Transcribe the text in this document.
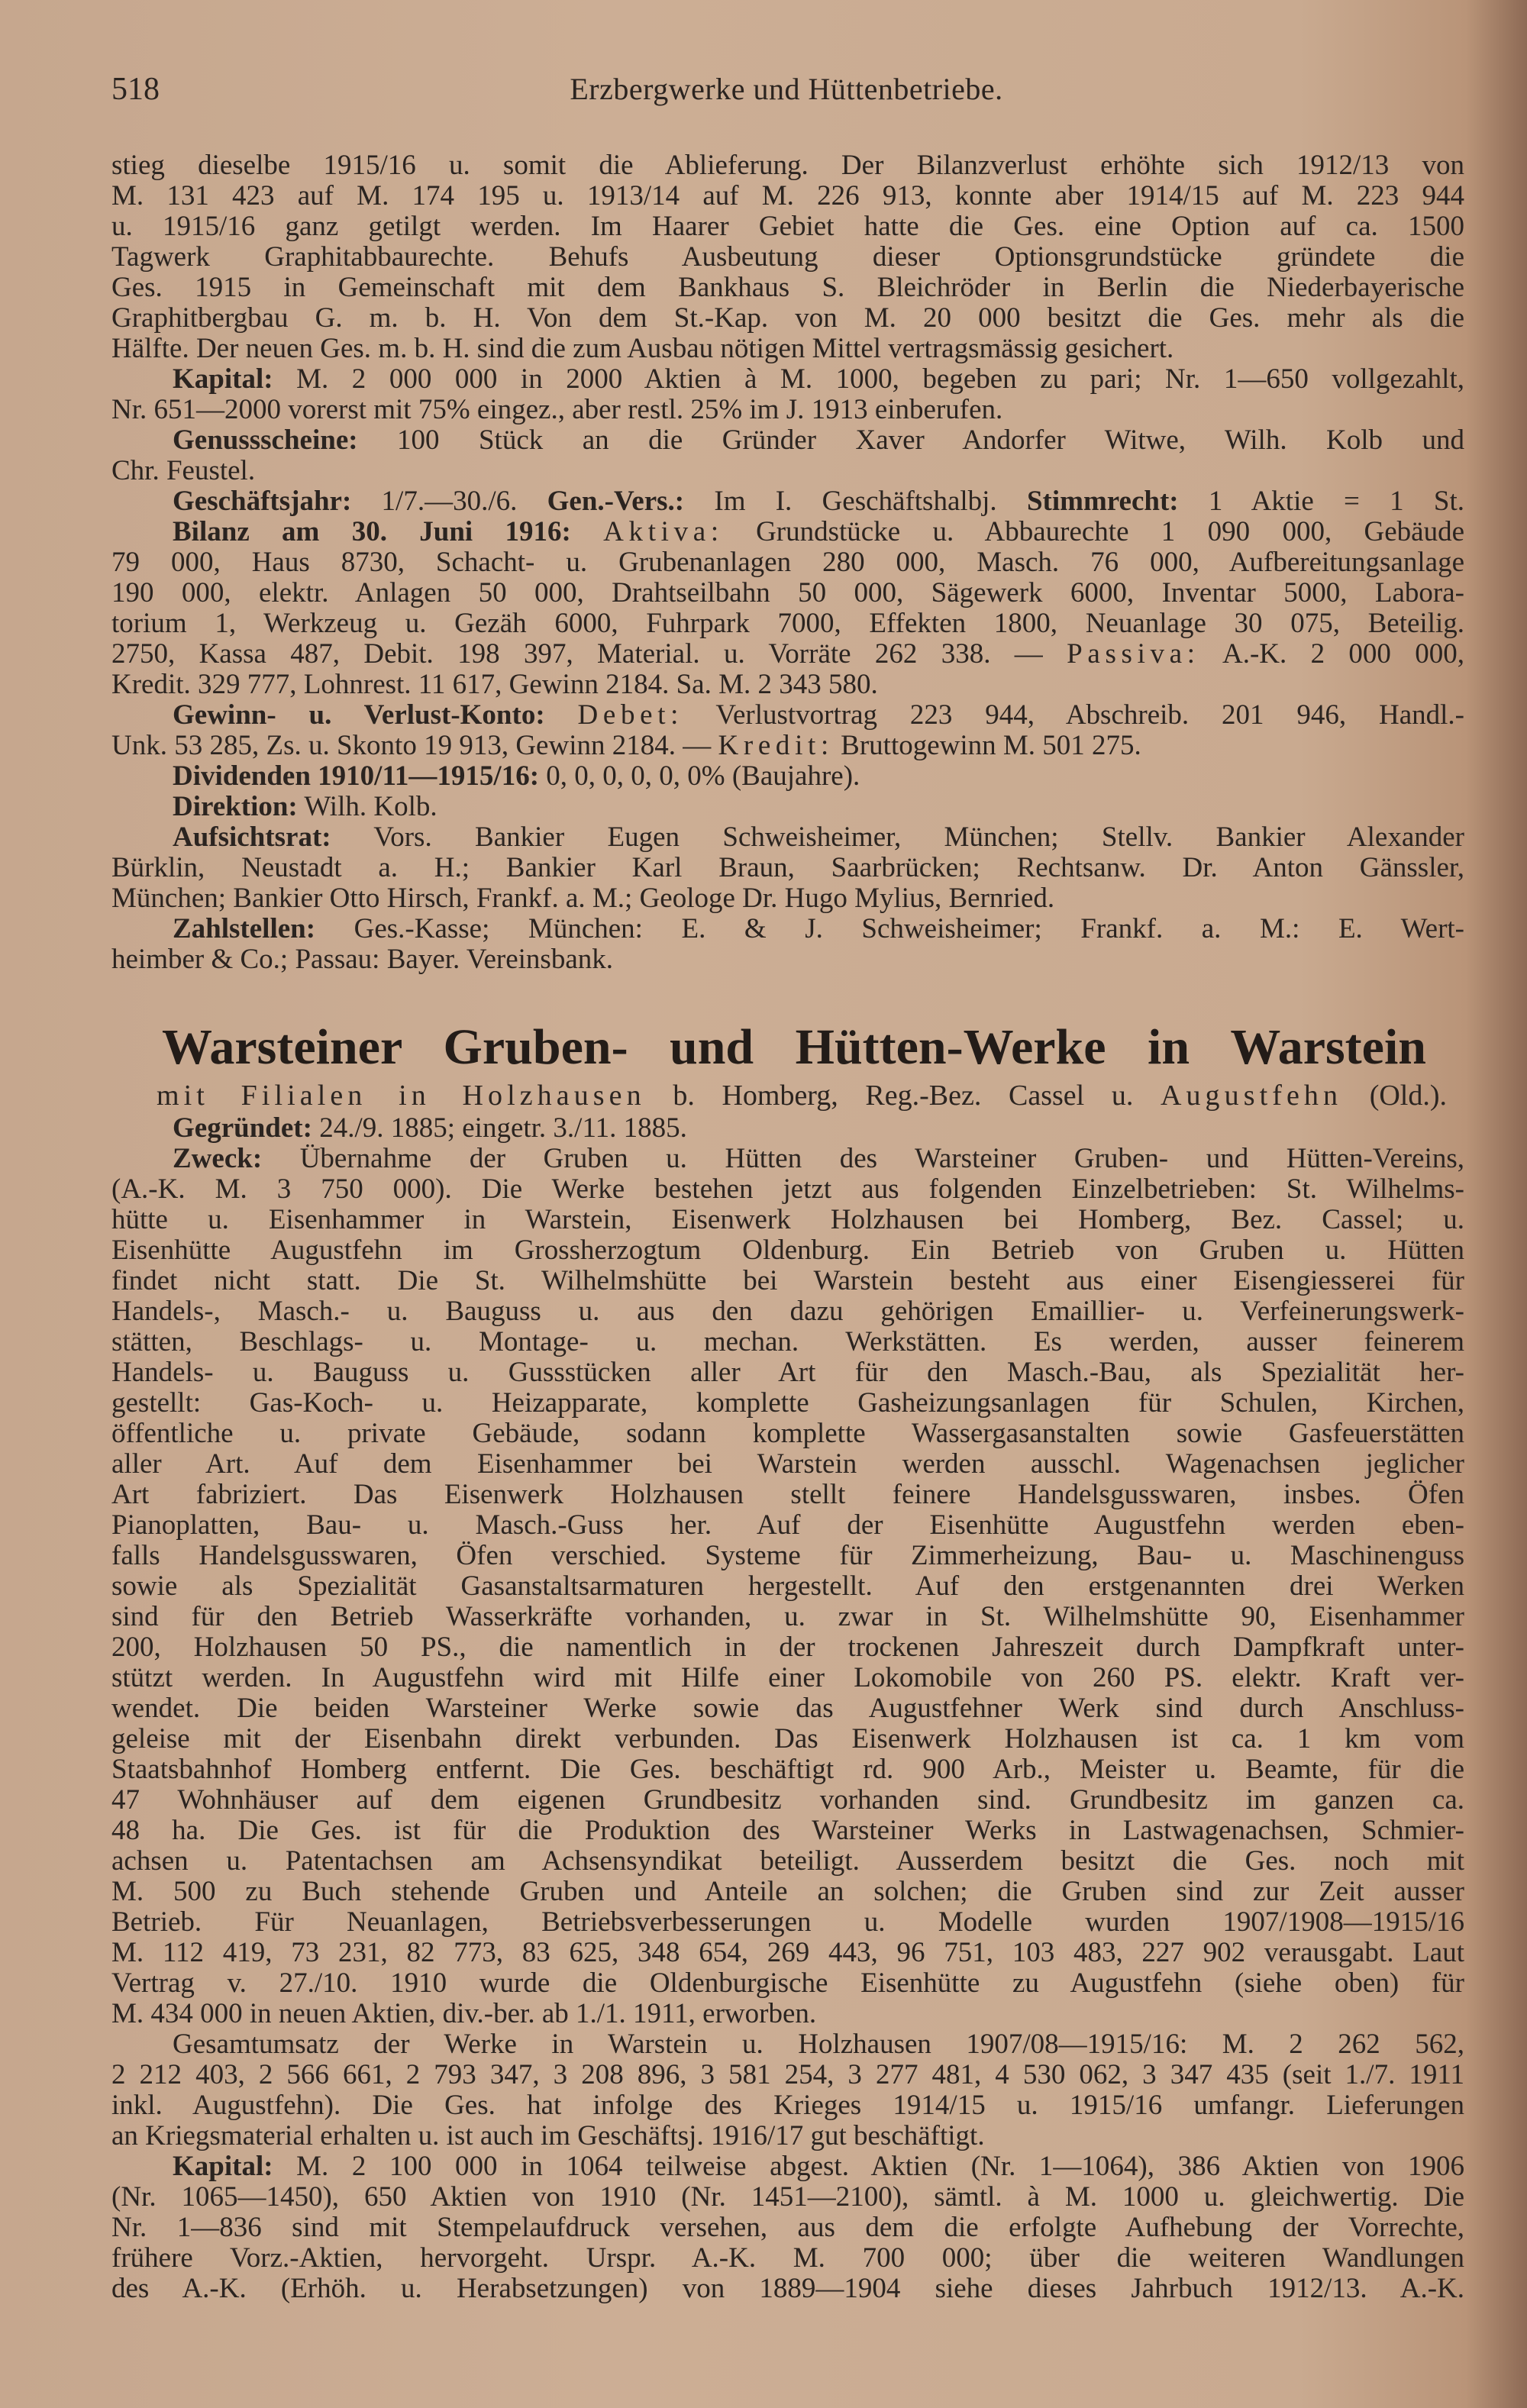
518	Erzbergwerke und Hüttenbetriebe.
stieg dieselbe 1915/16 u. somit die Ablieferung. Der Bilanzverlust erhöhte sich 1912/13 von
M. 131 423 auf M. 174 195 u. 1913/14 auf M. 226 913, konnte aber 1914/15 auf M. 223 944
u. 1915/16 ganz getilgt werden. Im Haarer Gebiet hatte die Ges. eine Option auf ca. 1500
Tagwerk Graphitabbaurechte. Behufs Ausbeutung dieser Optionsgrundstücke gründete die
Ges. 1915 in Gemeinschaft mit dem Bankhaus S. Bleichröder in Berlin die Niederbayerische
Graphitbergbau G. m. b. H. Von dem St.-Kap. von M. 20 000 besitzt die Ges. mehr als die
Hälfte. Der neuen Ges. m. b. H. sind die zum Ausbau nötigen Mittel vertragsmässig gesichert.
Kapital: M. 2 000 000 in 2000 Aktien à M. 1000, begeben zu pari; Nr. 1—650 vollgezahlt,
Nr. 651—2000 vorerst mit 75% eingez., aber restl. 25% im J. 1913 einberufen.
Genussscheine: 100 Stück an die Gründer Xaver Andorfer Witwe, Wilh. Kolb und
Chr. Feustel.
Geschäftsjahr: 1/7.—30./6. Gen.-Vers.: Im I. Geschäftshalbj. Stimmrecht: 1 Aktie = 1 St.
Bilanz am 30. Juni 1916: Aktiva: Grundstücke u. Abbaurechte 1 090 000, Gebäude
79 000, Haus 8730, Schacht- u. Grubenanlagen 280 000, Masch. 76 000, Aufbereitungsanlage
190 000, elektr. Anlagen 50 000, Drahtseilbahn 50 000, Sägewerk 6000, Inventar 5000, Labora-
torium 1, Werkzeug u. Gezäh 6000, Fuhrpark 7000, Effekten 1800, Neuanlage 30 075, Beteilig.
2750, Kassa 487, Debit. 198 397, Material. u. Vorräte 262 338. — Passiva: A.-K. 2 000 000,
Kredit. 329 777, Lohnrest. 11 617, Gewinn 2184. Sa. M. 2 343 580.
Gewinn- u. Verlust-Konto: Debet: Verlustvortrag 223 944, Abschreib. 201 946, Handl.-
Unk. 53 285, Zs. u. Skonto 19 913, Gewinn 2184. — Kredit: Bruttogewinn M. 501 275.
Dividenden 1910/11—1915/16: 0, 0, 0, 0, 0, 0% (Baujahre).
Direktion: Wilh. Kolb.
Aufsichtsrat: Vors. Bankier Eugen Schweisheimer, München; Stellv. Bankier Alexander
Bürklin, Neustadt a. H.; Bankier Karl Braun, Saarbrücken; Rechtsanw. Dr. Anton Gänssler,
München; Bankier Otto Hirsch, Frankf. a. M.; Geologe Dr. Hugo Mylius, Bernried.
Zahlstellen: Ges.-Kasse; München: E. & J. Schweisheimer; Frankf. a. M.: E. Wert-
heimber & Co.; Passau: Bayer. Vereinsbank.
Warsteiner Gruben- und Hütten-Werke in Warstein
mit Filialen in Holzhausen b. Homberg, Reg.-Bez. Cassel u. Augustfehn (Old.).
Gegründet: 24./9. 1885; eingetr. 3./11. 1885.
Zweck: Übernahme der Gruben u. Hütten des Warsteiner Gruben- und Hütten-Vereins,
(A.-K. M. 3 750 000). Die Werke bestehen jetzt aus folgenden Einzelbetrieben: St. Wilhelms-
hütte u. Eisenhammer in Warstein, Eisenwerk Holzhausen bei Homberg, Bez. Cassel; u.
Eisenhütte Augustfehn im Grossherzogtum Oldenburg. Ein Betrieb von Gruben u. Hütten
findet nicht statt. Die St. Wilhelmshütte bei Warstein besteht aus einer Eisengiesserei für
Handels-, Masch.- u. Bauguss u. aus den dazu gehörigen Emaillier- u. Verfeinerungswerk-
stätten, Beschlags- u. Montage- u. mechan. Werkstätten. Es werden, ausser feinerem
Handels- u. Bauguss u. Gussstücken aller Art für den Masch.-Bau, als Spezialität her-
gestellt: Gas-Koch- u. Heizapparate, komplette Gasheizungsanlagen für Schulen, Kirchen,
öffentliche u. private Gebäude, sodann komplette Wassergasanstalten sowie Gasfeuerstätten
aller Art. Auf dem Eisenhammer bei Warstein werden ausschl. Wagenachsen jeglicher
Art fabriziert. Das Eisenwerk Holzhausen stellt feinere Handelsgusswaren, insbes. Öfen
Pianoplatten, Bau- u. Masch.-Guss her. Auf der Eisenhütte Augustfehn werden eben-
falls Handelsgusswaren, Öfen verschied. Systeme für Zimmerheizung, Bau- u. Maschinenguss
sowie als Spezialität Gasanstaltsarmaturen hergestellt. Auf den erstgenannten drei Werken
sind für den Betrieb Wasserkräfte vorhanden, u. zwar in St. Wilhelmshütte 90, Eisenhammer
200, Holzhausen 50 PS., die namentlich in der trockenen Jahreszeit durch Dampfkraft unter-
stützt werden. In Augustfehn wird mit Hilfe einer Lokomobile von 260 PS. elektr. Kraft ver-
wendet. Die beiden Warsteiner Werke sowie das Augustfehner Werk sind durch Anschluss-
geleise mit der Eisenbahn direkt verbunden. Das Eisenwerk Holzhausen ist ca. 1 km vom
Staatsbahnhof Homberg entfernt. Die Ges. beschäftigt rd. 900 Arb., Meister u. Beamte, für die
47 Wohnhäuser auf dem eigenen Grundbesitz vorhanden sind. Grundbesitz im ganzen ca.
48 ha. Die Ges. ist für die Produktion des Warsteiner Werks in Lastwagenachsen, Schmier-
achsen u. Patentachsen am Achsensyndikat beteiligt. Ausserdem besitzt die Ges. noch mit
M. 500 zu Buch stehende Gruben und Anteile an solchen; die Gruben sind zur Zeit ausser
Betrieb. Für Neuanlagen, Betriebsverbesserungen u. Modelle wurden 1907/1908—1915/16
M. 112 419, 73 231, 82 773, 83 625, 348 654, 269 443, 96 751, 103 483, 227 902 verausgabt. Laut
Vertrag v. 27./10. 1910 wurde die Oldenburgische Eisenhütte zu Augustfehn (siehe oben) für
M. 434 000 in neuen Aktien, div.-ber. ab 1./1. 1911, erworben.
Gesamtumsatz der Werke in Warstein u. Holzhausen 1907/08—1915/16: M. 2 262 562,
2 212 403, 2 566 661, 2 793 347, 3 208 896, 3 581 254, 3 277 481, 4 530 062, 3 347 435 (seit 1./7. 1911
inkl. Augustfehn). Die Ges. hat infolge des Krieges 1914/15 u. 1915/16 umfangr. Lieferungen
an Kriegsmaterial erhalten u. ist auch im Geschäftsj. 1916/17 gut beschäftigt.
Kapital: M. 2 100 000 in 1064 teilweise abgest. Aktien (Nr. 1—1064), 386 Aktien von 1906
(Nr. 1065—1450), 650 Aktien von 1910 (Nr. 1451—2100), sämtl. à M. 1000 u. gleichwertig. Die
Nr. 1—836 sind mit Stempelaufdruck versehen, aus dem die erfolgte Aufhebung der Vorrechte,
frühere Vorz.-Aktien, hervorgeht. Urspr. A.-K. M. 700 000; über die weiteren Wandlungen
des A.-K. (Erhöh. u. Herabsetzungen) von 1889—1904 siehe dieses Jahrbuch 1912/13. A.-K.
